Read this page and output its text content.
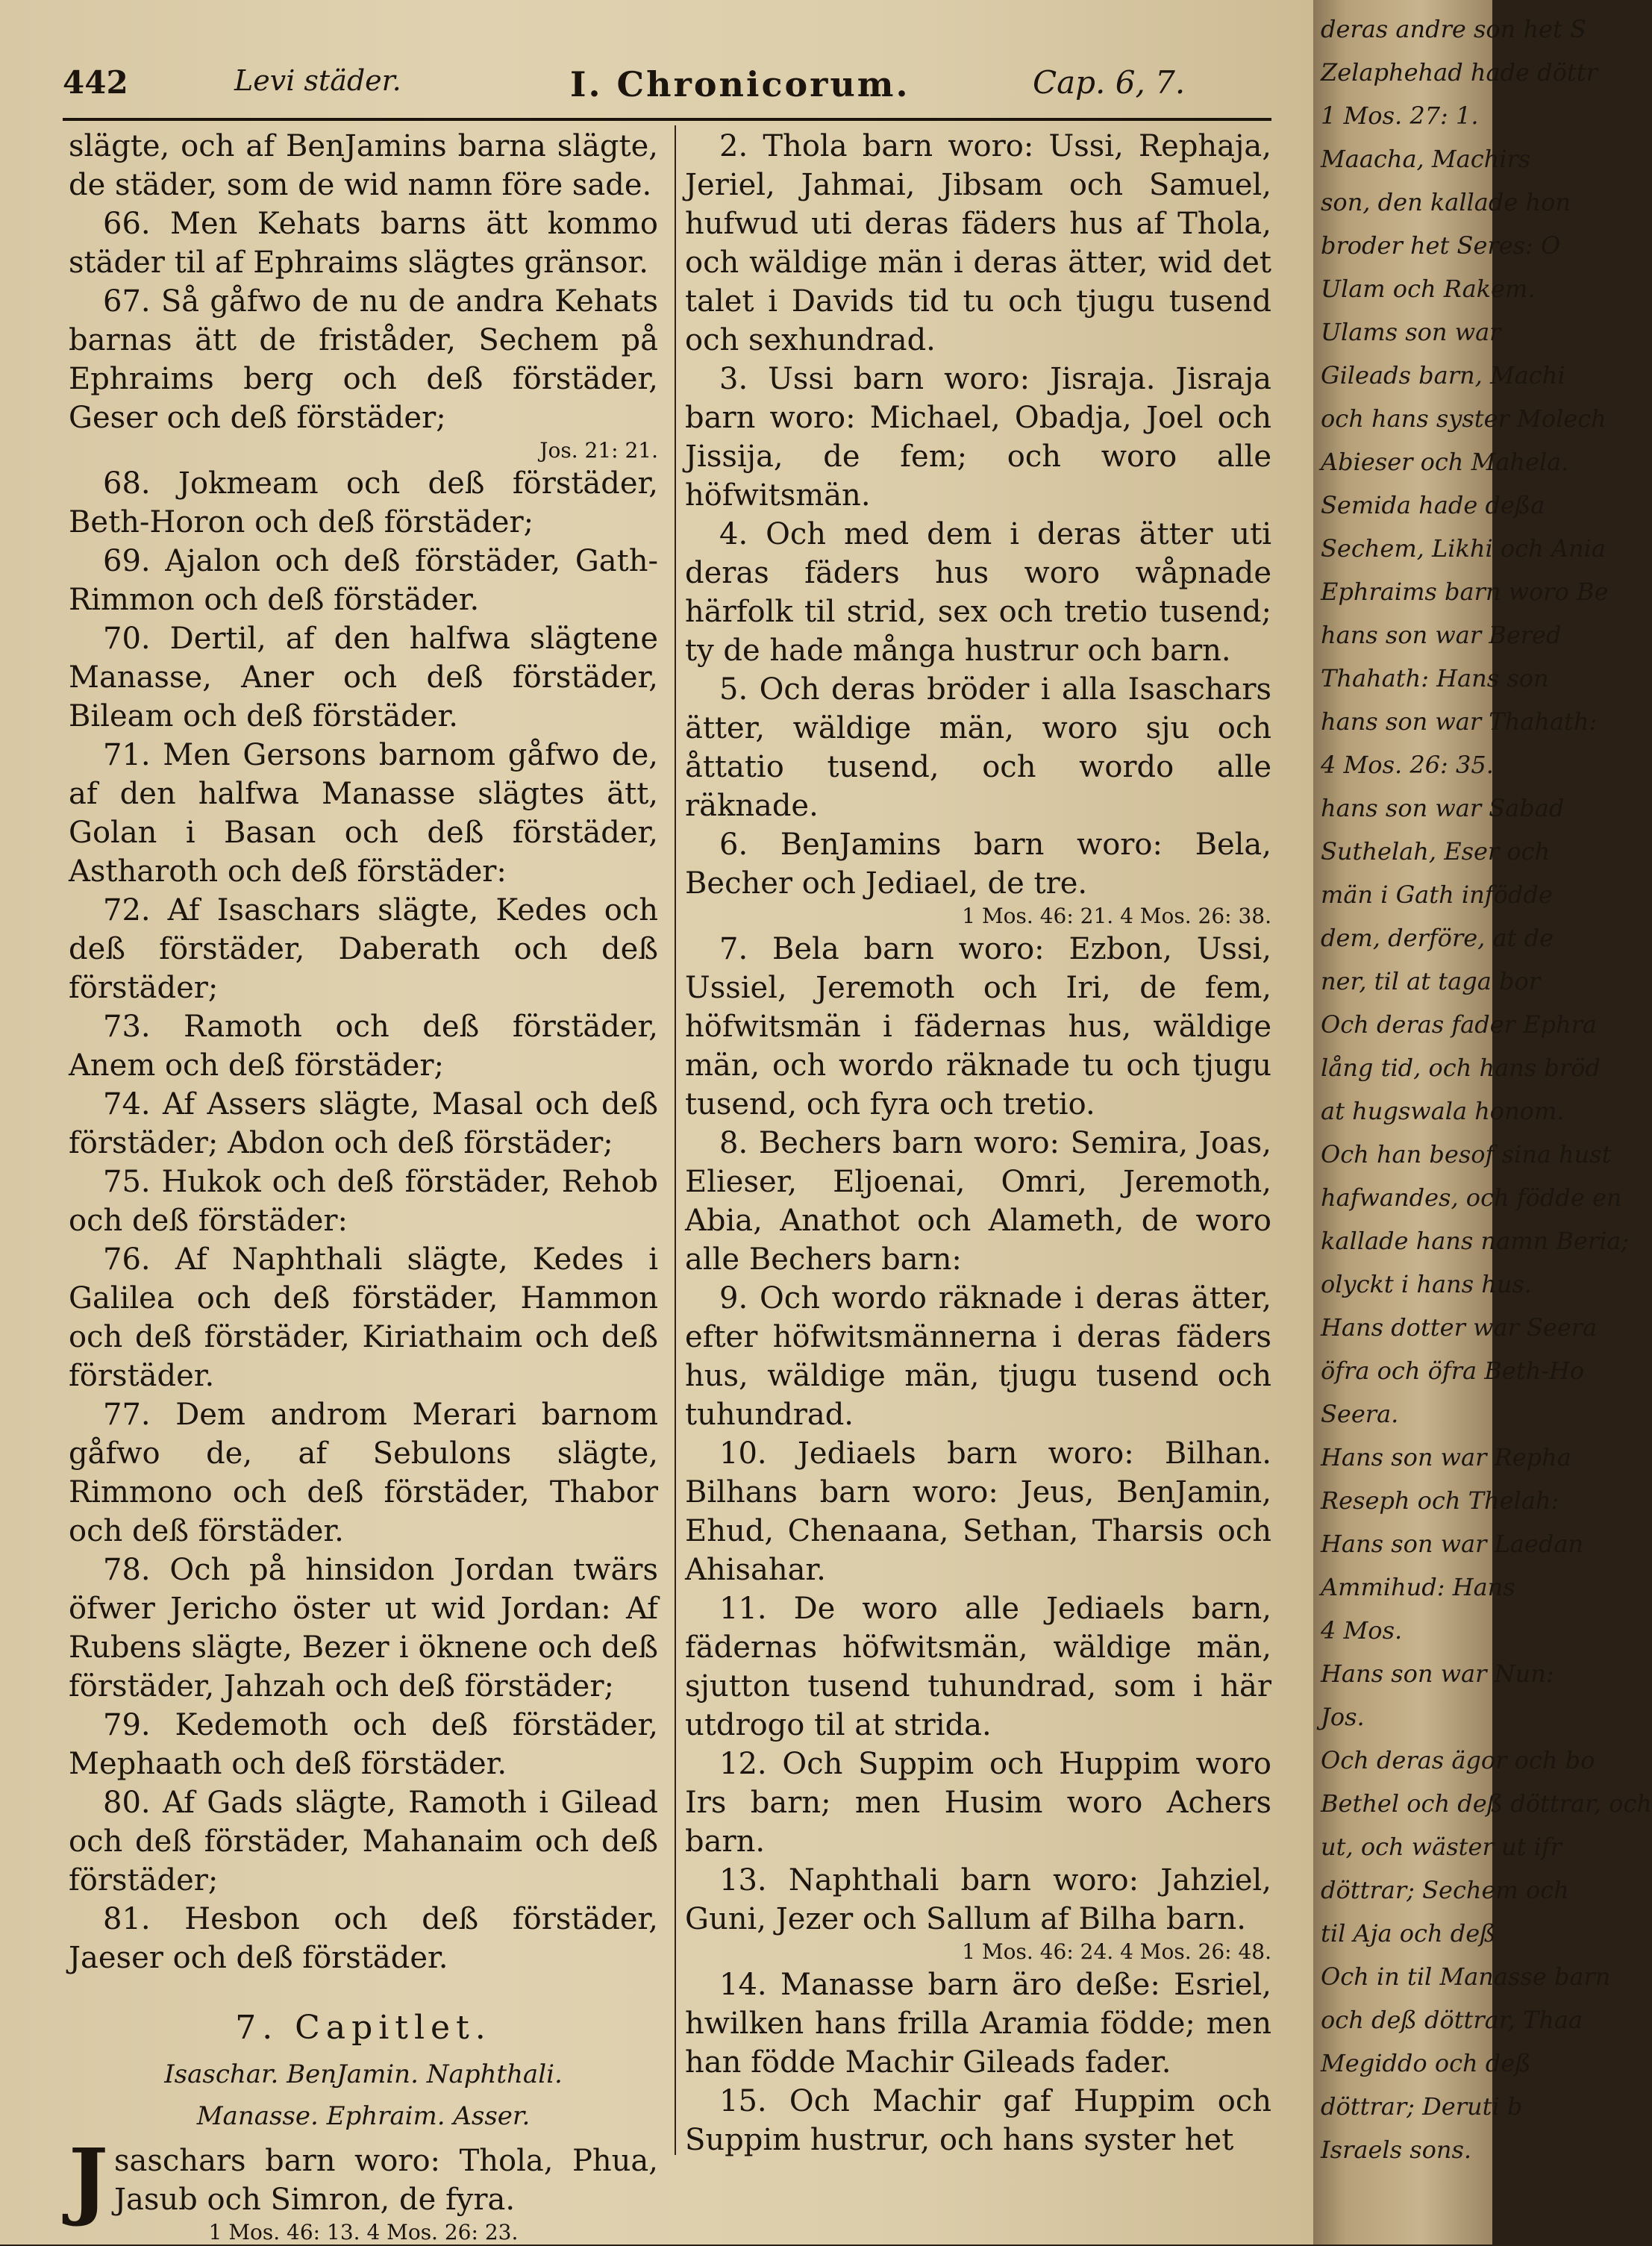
442	Levi städer.	I. Chronicorum.	Cap. 6, 7.

slägte, och af BenJamins barna slägte, de städer, som de wid namn före sade.

66. Men Kehats barns ätt kommo städer til af Ephraims slägtes gränsor.

67. Så gåfwo de nu de andra Kehats barnas ätt de friståder, Sechem på Ephraims berg och deß förstäder, Geser och deß förstäder;

Jos. 21: 21.

68. Jokmeam och deß förstäder, Beth-Horon och deß förstäder;

69. Ajalon och deß förstäder, Gath-Rimmon och deß förstäder.

70. Dertil, af den halfwa slägtene Manasse, Aner och deß förstäder, Bileam och deß förstäder.

71. Men Gersons barnom gåfwo de, af den halfwa Manasse slägtes ätt, Golan i Basan och deß förstäder, Astharoth och deß förstäder:

72. Af Isaschars slägte, Kedes och deß förstäder, Daberath och deß förstäder;

73. Ramoth och deß förstäder, Anem och deß förstäder;

74. Af Assers slägte, Masal och deß förstäder; Abdon och deß förstäder;

75. Hukok och deß förstäder, Rehob och deß förstäder:

76. Af Naphthali slägte, Kedes i Galilea och deß förstäder, Hammon och deß förstäder, Kiriathaim och deß förstäder.

77. Dem androm Merari barnom gåfwo de, af Sebulons slägte, Rimmono och deß förstäder, Thabor och deß förstäder.

78. Och på hinsidon Jordan twärs öfwer Jericho öster ut wid Jordan: Af Rubens slägte, Bezer i öknene och deß förstäder, Jahzah och deß förstäder;

79. Kedemoth och deß förstäder, Mephaath och deß förstäder.

80. Af Gads slägte, Ramoth i Gilead och deß förstäder, Mahanaim och deß förstäder;

81. Hesbon och deß förstäder, Jaeser och deß förstäder.

7. Capitlet.
Isaschar. BenJamin. Naphthali.
Manasse. Ephraim. Asser.

J saschars barn woro: Thola, Phua, Jasub och Simron, de fyra.

1 Mos. 46: 13. 4 Mos. 26: 23.

2. Thola barn woro: Ussi, Rephaja, Jeriel, Jahmai, Jibsam och Samuel, hufwud uti deras fäders hus af Thola, och wäldige män i deras ätter, wid det talet i Davids tid tu och tjugu tusend och sexhundrad.

3. Ussi barn woro: Jisraja. Jisraja barn woro: Michael, Obadja, Joel och Jissija, de fem; och woro alle höfwitsmän.

4. Och med dem i deras ätter uti deras fäders hus woro wåpnade härfolk til strid, sex och tretio tusend; ty de hade många hustrur och barn.

5. Och deras bröder i alla Isaschars ätter, wäldige män, woro sju och åttatio tusend, och wordo alle räknade.

6. BenJamins barn woro: Bela, Becher och Jediael, de tre.

1 Mos. 46: 21. 4 Mos. 26: 38.

7. Bela barn woro: Ezbon, Ussi, Ussiel, Jeremoth och Iri, de fem, höfwitsmän i fädernas hus, wäldige män, och wordo räknade tu och tjugu tusend, och fyra och tretio.

8. Bechers barn woro: Semira, Joas, Elieser, Eljoenai, Omri, Jeremoth, Abia, Anathot och Alameth, de woro alle Bechers barn:

9. Och wordo räknade i deras ätter, efter höfwitsmännerna i deras fäders hus, wäldige män, tjugu tusend och tuhundrad.

10. Jediaels barn woro: Bilhan. Bilhans barn woro: Jeus, BenJamin, Ehud, Chenaana, Sethan, Tharsis och Ahisahar.

11. De woro alle Jediaels barn, fädernas höfwitsmän, wäldige män, sjutton tusend tuhundrad, som i här utdrogo til at strida.

12. Och Suppim och Huppim woro Irs barn; men Husim woro Achers barn.

13. Naphthali barn woro: Jahziel, Guni, Jezer och Sallum af Bilha barn.

1 Mos. 46: 24. 4 Mos. 26: 48.

14. Manasse barn äro deße: Esriel, hwilken hans frilla Aramia födde; men han födde Machir Gileads fader.

15. Och Machir gaf Huppim och Suppim hustrur, och hans syster het

deras andre son het S
Zelaphehad hade döttr
1 Mos. 27: 1.
Maacha, Machirs
son, den kallade hon
broder het Seres: O
Ulam och Rakem.
Ulams son war
Gileads barn, Machi
och hans syster Molech
Abieser och Mahela.
Semida hade deßa
Sechem, Likhi och Ania
Ephraims barn woro Be
hans son war Bered
Thahath: Hans son
hans son war Thahath:
4 Mos. 26: 35.
hans son war Sabad
Suthelah, Eser och
män i Gath infödde
dem, derföre, at de
ner, til at taga bor
Och deras fader Ephra
lång tid, och hans bröd
at hugswala honom.
Och han besof sina hust
hafwandes, och födde en
kallade hans namn Beria;
olyckt i hans hus.
Hans dotter war Seera
öfra och öfra Beth-Ho
Seera.
Hans son war Repha
Reseph och Thelah:
Hans son war Laedan
Ammihud: Hans
4 Mos.
Hans son war Nun:
Jos.
Och deras ägor och bo
Bethel och deß döttrar, och
ut, och wäster ut ifr
döttrar; Sechem och
til Aja och deß
Och in til Manasse barn
och deß döttrar, Thaa
Megiddo och deß
döttrar; Deruti b
Israels sons.
